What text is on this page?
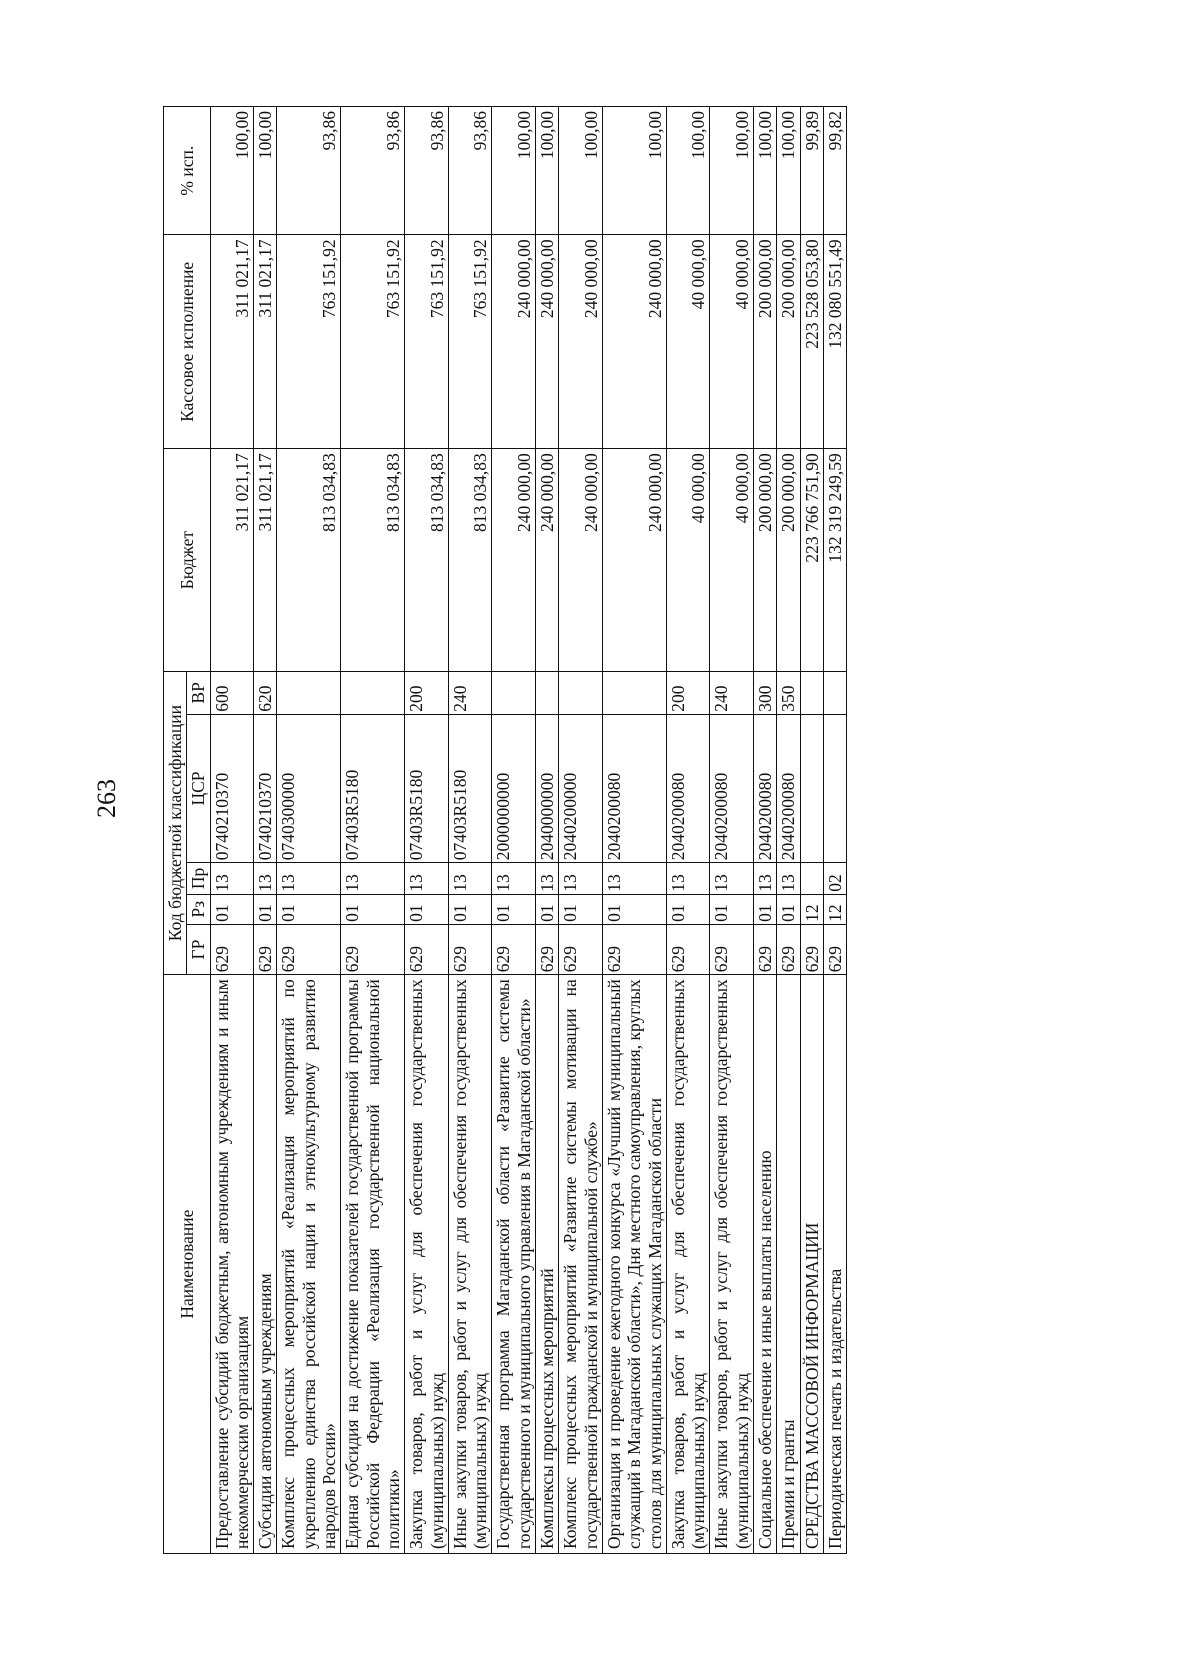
263
Наименование	Код бюджетной классификации					Бюджет	Кассовое исполнение	% исп.
	ГР	Рз	Пр	ЦСР	ВР			
Предоставление субсидий бюджетным, автономным учреждениям и иным некоммерческим организациям	629	01	13	0740210370	600	311 021,17	311 021,17	100,00
Субсидии автономным учреждениям	629	01	13	0740210370	620	311 021,17	311 021,17	100,00
Комплекс процессных мероприятий «Реализация мероприятий по укреплению единства российской нации и этнокультурному развитию народов России»	629	01	13	0740300000		813 034,83	763 151,92	93,86
Единая субсидия на достижение показателей государственной программы Российской Федерации «Реализация государственной национальной политики»	629	01	13	07403R5180		813 034,83	763 151,92	93,86
Закупка товаров, работ и услуг для обеспечения государственных (муниципальных) нужд	629	01	13	07403R5180	200	813 034,83	763 151,92	93,86
Иные закупки товаров, работ и услуг для обеспечения государственных (муниципальных) нужд	629	01	13	07403R5180	240	813 034,83	763 151,92	93,86
Государственная программа Магаданской области «Развитие системы государственного и муниципального управления в Магаданской области»	629	01	13	2000000000		240 000,00	240 000,00	100,00
Комплексы процессных мероприятий	629	01	13	2040000000		240 000,00	240 000,00	100,00
Комплекс процессных мероприятий «Развитие системы мотивации на государственной гражданской и муниципальной службе»	629	01	13	2040200000		240 000,00	240 000,00	100,00
Организация и проведение ежегодного конкурса «Лучший муниципальный служащий в Магаданской области», Дня местного самоуправления, круглых столов для муниципальных служащих Магаданской области	629	01	13	2040200080		240 000,00	240 000,00	100,00
Закупка товаров, работ и услуг для обеспечения государственных (муниципальных) нужд	629	01	13	2040200080	200	40 000,00	40 000,00	100,00
Иные закупки товаров, работ и услуг для обеспечения государственных (муниципальных) нужд	629	01	13	2040200080	240	40 000,00	40 000,00	100,00
Социальное обеспечение и иные выплаты населению	629	01	13	2040200080	300	200 000,00	200 000,00	100,00
Премии и гранты	629	01	13	2040200080	350	200 000,00	200 000,00	100,00
СРЕДСТВА МАССОВОЙ ИНФОРМАЦИИ	629	12				223 766 751,90	223 528 053,80	99,89
Периодическая печать и издательства	629	12	02			132 319 249,59	132 080 551,49	99,82
